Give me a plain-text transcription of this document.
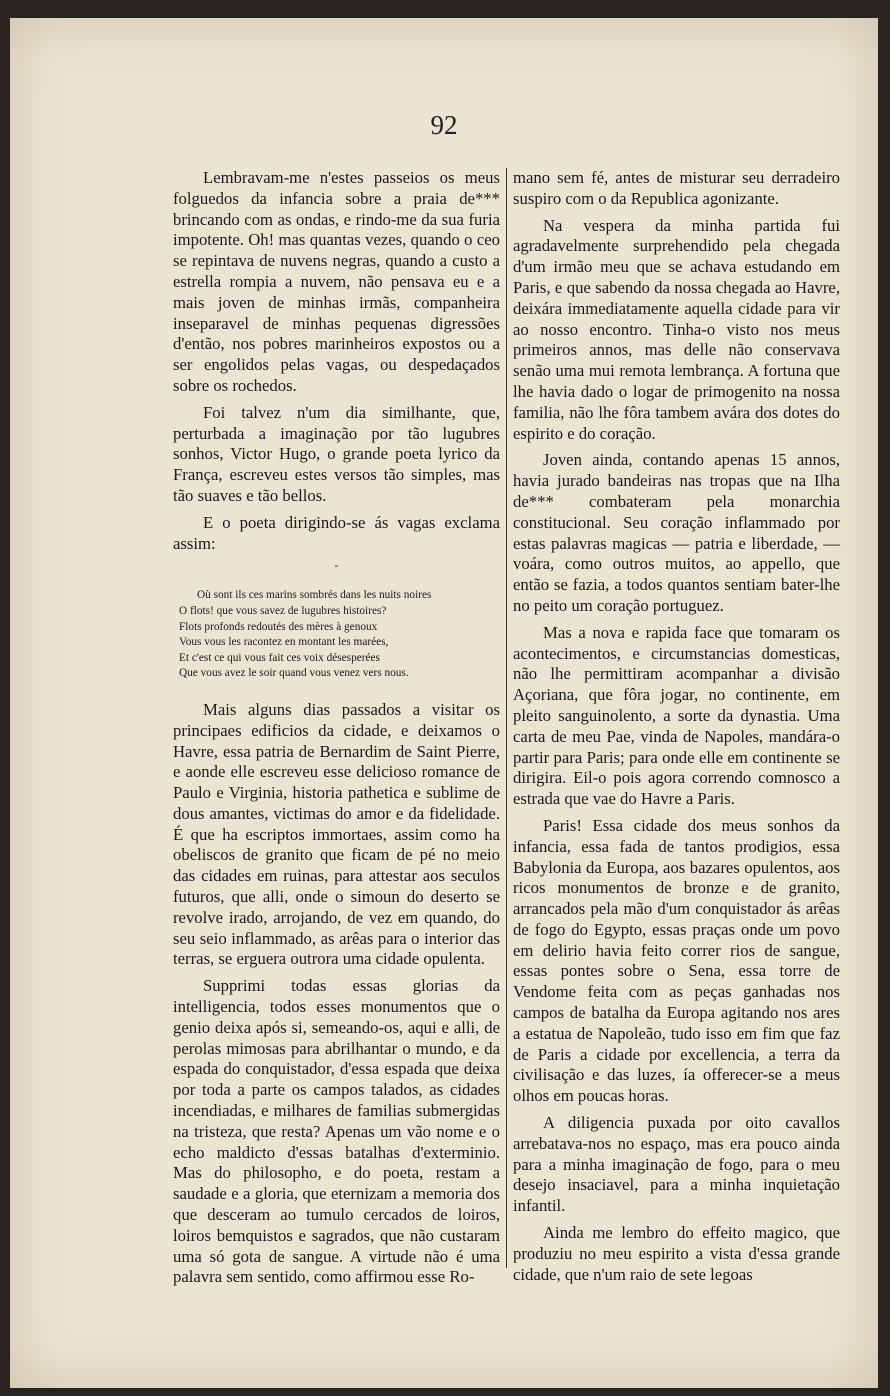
92

Lembravam-me n'estes passeios os meus folguedos da infancia sobre a praia de*** brincando com as ondas, e rindo-me da sua furia impotente. Oh! mas quantas vezes, quando o ceo se repintava de nuvens negras, quando a custo a estrella rompia a nuvem, não pensava eu e a mais joven de minhas irmãs, companheira inseparavel de minhas pequenas digressões d'então, nos pobres marinheiros expostos ou a ser engolidos pelas vagas, ou despedaçados sobre os rochedos.

Foi talvez n'um dia similhante, que, perturbada a imaginação por tão lugubres sonhos, Victor Hugo, o grande poeta lyrico da França, escreveu estes versos tão simples, mas tão suaves e tão bellos.

E o poeta dirigindo-se ás vagas exclama assim:

-
Où sont ils ces marins sombrés dans les nuits noires
O flots! que vous savez de lugubres histoires?
Flots profonds redoutés des mères à genoux
Vous vous les racontez en montant les marées,
Et c'est ce qui vous fait ces voix désesperées
Que vous avez le soir quand vous venez vers nous.

Mais alguns dias passados a visitar os principaes edificios da cidade, e deixamos o Havre, essa patria de Bernardim de Saint Pierre, e aonde elle escreveu esse delicioso romance de Paulo e Virginia, historia pathetica e sublime de dous amantes, victimas do amor e da fidelidade. É que ha escriptos immortaes, assim como ha obeliscos de granito que ficam de pé no meio das cidades em ruinas, para attestar aos seculos futuros, que alli, onde o simoun do deserto se revolve irado, arrojando, de vez em quando, do seu seio inflammado, as arêas para o interior das terras, se erguera outrora uma cidade opulenta.

Supprimi todas essas glorias da intelligencia, todos esses monumentos que o genio deixa após si, semeando-os, aqui e alli, de perolas mimosas para abrilhantar o mundo, e da espada do conquistador, d'essa espada que deixa por toda a parte os campos talados, as cidades incendiadas, e milhares de familias submergidas na tristeza, que resta? Apenas um vão nome e o echo maldicto d'essas batalhas d'exterminio. Mas do philosopho, e do poeta, restam a saudade e a gloria, que eternizam a memoria dos que desceram ao tumulo cercados de loiros, loiros bemquistos e sagrados, que não custaram uma só gota de sangue. A virtude não é uma palavra sem sentido, como affirmou esse Ro-

mano sem fé, antes de misturar seu derradeiro suspiro com o da Republica agonizante.

Na vespera da minha partida fui agradavelmente surprehendido pela chegada d'um irmão meu que se achava estudando em Paris, e que sabendo da nossa chegada ao Havre, deixára immediatamente aquella cidade para vir ao nosso encontro. Tinha-o visto nos meus primeiros annos, mas delle não conservava senão uma mui remota lembrança. A fortuna que lhe havia dado o logar de primogenito na nossa familia, não lhe fôra tambem avára dos dotes do espirito e do coração.

Joven ainda, contando apenas 15 annos, havia jurado bandeiras nas tropas que na Ilha de*** combateram pela monarchia constitucional. Seu coração inflammado por estas palavras magicas — patria e liberdade, — voára, como outros muitos, ao appello, que então se fazia, a todos quantos sentiam bater-lhe no peito um coração portuguez.

Mas a nova e rapida face que tomaram os acontecimentos, e circumstancias domesticas, não lhe permittiram acompanhar a divisão Açoriana, que fôra jogar, no continente, em pleito sanguinolento, a sorte da dynastia. Uma carta de meu Pae, vinda de Napoles, mandára-o partir para Paris; para onde elle em continente se dirigira. Eil-o pois agora correndo comnosco a estrada que vae do Havre a Paris.

Paris! Essa cidade dos meus sonhos da infancia, essa fada de tantos prodigios, essa Babylonia da Europa, aos bazares opulentos, aos ricos monumentos de bronze e de granito, arrancados pela mão d'um conquistador ás arêas de fogo do Egypto, essas praças onde um povo em delirio havia feito correr rios de sangue, essas pontes sobre o Sena, essa torre de Vendome feita com as peças ganhadas nos campos de batalha da Europa agitando nos ares a estatua de Napoleão, tudo isso em fim que faz de Paris a cidade por excellencia, a terra da civilisação e das luzes, ía offerecer-se a meus olhos em poucas horas.

A diligencia puxada por oito cavallos arrebatava-nos no espaço, mas era pouco ainda para a minha imaginação de fogo, para o meu desejo insaciavel, para a minha inquietação infantil.

Ainda me lembro do effeito magico, que produziu no meu espirito a vista d'essa grande cidade, que n'um raio de sete legoas
